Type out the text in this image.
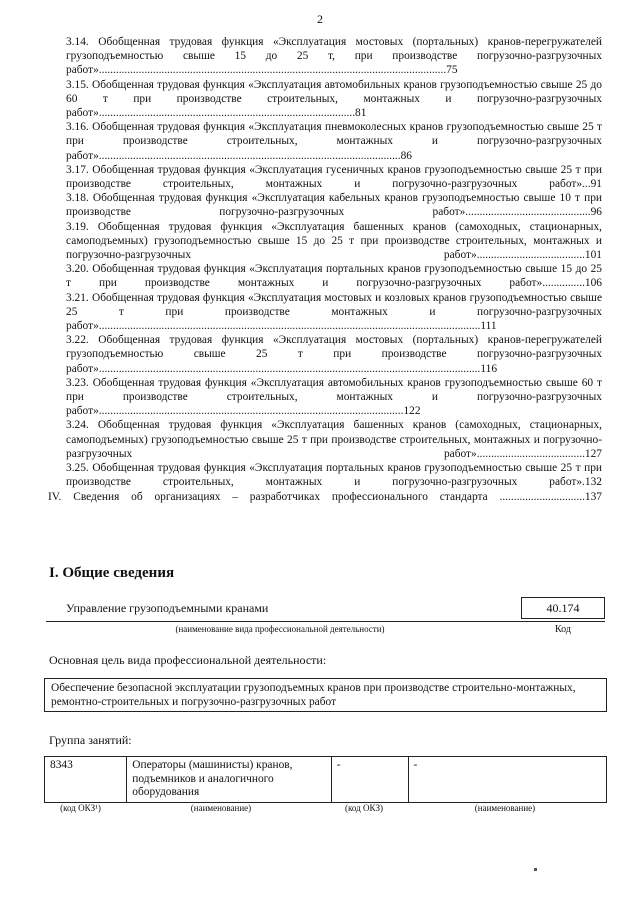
2

3.14. Обобщенная трудовая функция «Эксплуатация мостовых (портальных) кранов-перегружателей грузоподъемностью свыше 15 до 25 т, при производстве погрузочно-разгрузочных работ»..........................................................................................................................75

3.15. Обобщенная трудовая функция «Эксплуатация автомобильных кранов грузоподъемностью свыше 25 до 60 т при производстве строительных, монтажных и погрузочно-разгрузочных работ»..........................................................................................81

3.16. Обобщенная трудовая функция «Эксплуатация пневмоколесных кранов грузоподъемностью свыше 25 т при производстве строительных, монтажных и погрузочно-разгрузочных работ»..........................................................................................................86

3.17. Обобщенная трудовая функция «Эксплуатация гусеничных кранов грузоподъемностью свыше 25 т при производстве строительных, монтажных и погрузочно-разгрузочных работ»...91

3.18. Обобщенная трудовая функция «Эксплуатация кабельных кранов грузоподъемностью свыше 10 т при производстве погрузочно-разгрузочных работ»............................................96

3.19. Обобщенная трудовая функция «Эксплуатация башенных кранов (самоходных, стационарных, самоподъемных) грузоподъемностью свыше 15 до 25 т при производстве строительных, монтажных и погрузочно-разгрузочных работ»......................................101

3.20. Обобщенная трудовая функция «Эксплуатация портальных кранов грузоподъемностью свыше 15 до 25 т при производстве монтажных и погрузочно-разгрузочных работ»...............106

3.21. Обобщенная трудовая функция «Эксплуатация мостовых и козловых кранов грузоподъемностью свыше 25 т при производстве монтажных и погрузочно-разгрузочных работ»......................................................................................................................................111

3.22. Обобщенная трудовая функция «Эксплуатация мостовых (портальных) кранов-перегружателей грузоподъемностью свыше 25 т при производстве погрузочно-разгрузочных работ»......................................................................................................................................116

3.23. Обобщенная трудовая функция «Эксплуатация автомобильных кранов грузоподъемностью свыше 60 т при производстве строительных, монтажных и погрузочно-разгрузочных работ»...........................................................................................................122

3.24. Обобщенная трудовая функция «Эксплуатация башенных кранов (самоходных, стационарных, самоподъемных) грузоподъемностью свыше 25 т при производстве строительных, монтажных и погрузочно-разгрузочных работ»......................................127

3.25. Обобщенная трудовая функция «Эксплуатация портальных кранов грузоподъемностью свыше 25 т при производстве строительных, монтажных и погрузочно-разгрузочных работ».132

IV. Сведения об организациях – разработчиках профессионального стандарта ..............................137

I. Общие сведения
Управление грузоподъемными кранами
(наименование вида профессиональной деятельности)
40.174
Код
Основная цель вида профессиональной деятельности:
Обеспечение безопасной эксплуатации грузоподъемных кранов при производстве строительно-монтажных, ремонтно-строительных и погрузочно-разгрузочных работ
Группа занятий:
8343	Операторы (машинисты) кранов, подъемников и аналогичного оборудования	-	-
(код ОКЗ¹)	(наименование)	(код ОКЗ)	(наименование)
